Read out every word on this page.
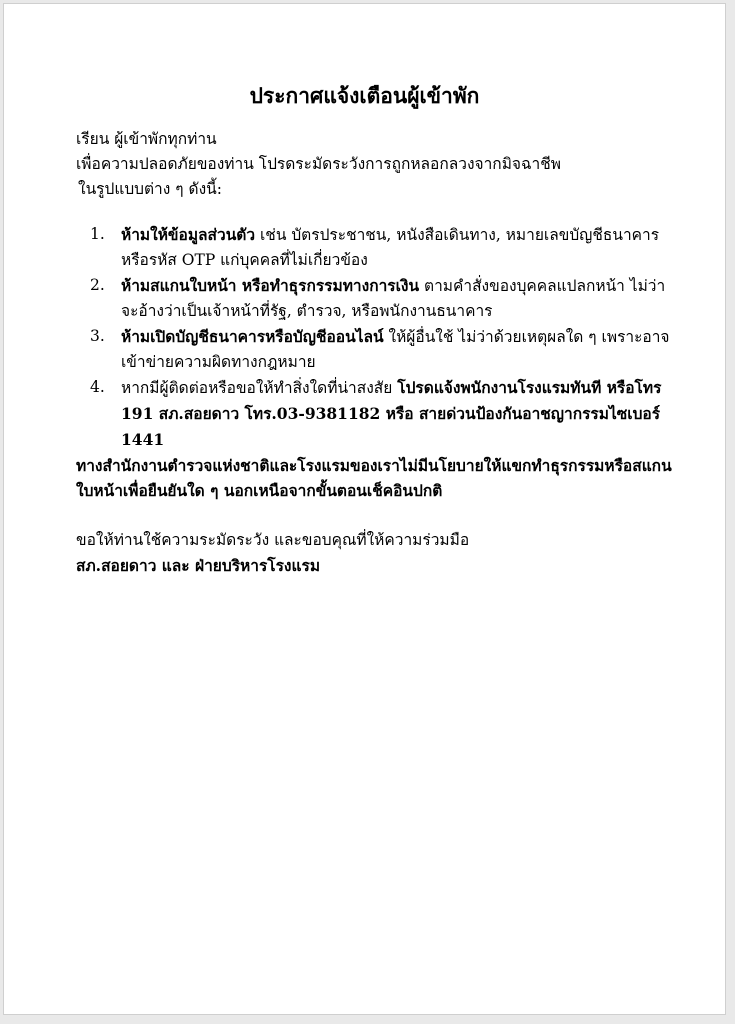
ประกาศแจ้งเตือนผู้เข้าพัก

เรียน ผู้เข้าพักทุกท่าน

เพื่อความปลอดภัยของท่าน โปรดระมัดระวังการถูกหลอกลวงจากมิจฉาชีพ

ในรูปแบบต่าง ๆ ดังนี้:

1. ห้ามให้ข้อมูลส่วนตัว เช่น บัตรประชาชน, หนังสือเดินทาง, หมายเลขบัญชีธนาคาร หรือรหัส OTP แก่บุคคลที่ไม่เกี่ยวข้อง
2. ห้ามสแกนใบหน้า หรือทำธุรกรรมทางการเงิน ตามคำสั่งของบุคคลแปลกหน้า ไม่ว่าจะอ้างว่าเป็นเจ้าหน้าที่รัฐ, ตำรวจ, หรือพนักงานธนาคาร
3. ห้ามเปิดบัญชีธนาคารหรือบัญชีออนไลน์ ให้ผู้อื่นใช้ ไม่ว่าด้วยเหตุผลใด ๆ เพราะอาจเข้าข่ายความผิดทางกฎหมาย
4. หากมีผู้ติดต่อหรือขอให้ทำสิ่งใดที่น่าสงสัย โปรดแจ้งพนักงานโรงแรมทันที หรือโทร 191 สภ.สอยดาว โทร.03-9381182 หรือ สายด่วนป้องกันอาชญากรรมไซเบอร์ 1441

ทางสำนักงานตำรวจแห่งชาติและโรงแรมของเราไม่มีนโยบายให้แขกทำธุรกรรมหรือสแกนใบหน้าเพื่อยืนยันใด ๆ นอกเหนือจากขั้นตอนเช็คอินปกติ

ขอให้ท่านใช้ความระมัดระวัง และขอบคุณที่ให้ความร่วมมือ

สภ.สอยดาว และ ฝ่ายบริหารโรงแรม
